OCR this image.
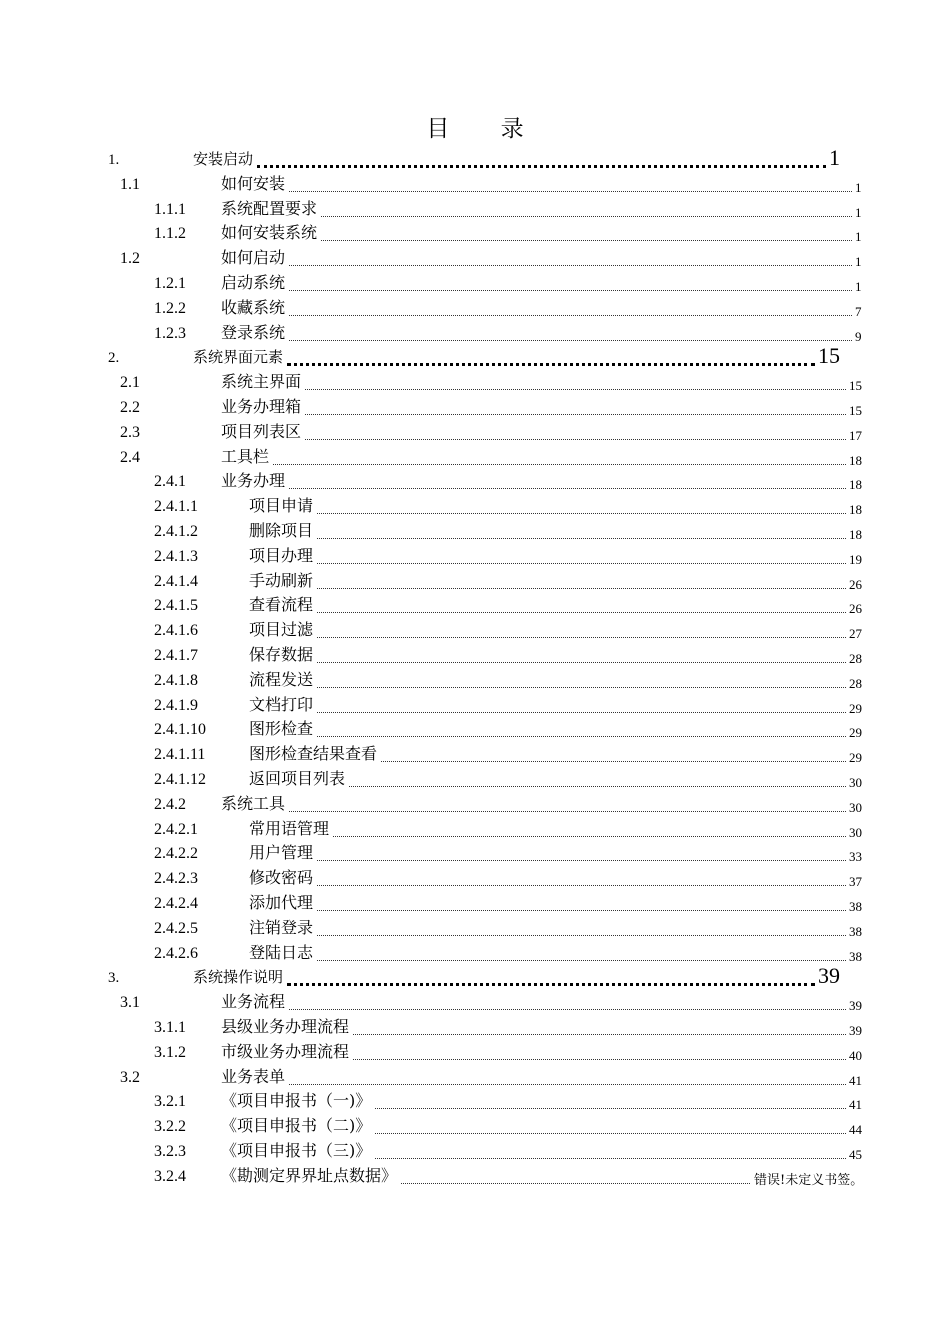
目 录
1.	安装启动	1
1.1	如何安装	1
1.1.1 系统配置要求	1
1.1.2 如何安装系统	1
1.2	如何启动	1
1.2.1 启动系统	1
1.2.2 收藏系统	7
1.2.3 登录系统	9
2.	系统界面元素	15
2.1	系统主界面	15
2.2	业务办理箱	15
2.3	项目列表区	17
2.4	工具栏	18
2.4.1 业务办理	18
2.4.1.1	项目申请	18
2.4.1.2	删除项目	18
2.4.1.3	项目办理	19
2.4.1.4	手动刷新	26
2.4.1.5	查看流程	26
2.4.1.6	项目过滤	27
2.4.1.7	保存数据	28
2.4.1.8	流程发送	28
2.4.1.9	文档打印	29
2.4.1.10	图形检查	29
2.4.1.11	图形检查结果查看	29
2.4.1.12	返回项目列表	30
2.4.2 系统工具	30
2.4.2.1	常用语管理	30
2.4.2.2	用户管理	33
2.4.2.3	修改密码	37
2.4.2.4	添加代理	38
2.4.2.5	注销登录	38
2.4.2.6	登陆日志	38
3.	系统操作说明	39
3.1	业务流程	39
3.1.1 县级业务办理流程	39
3.1.2 市级业务办理流程	40
3.2	业务表单	41
3.2.1 《项目申报书（一)》	41
3.2.2 《项目申报书（二)》	44
3.2.3 《项目申报书（三)》	45
3.2.4 《勘测定界界址点数据》	错误!未定义书签。
